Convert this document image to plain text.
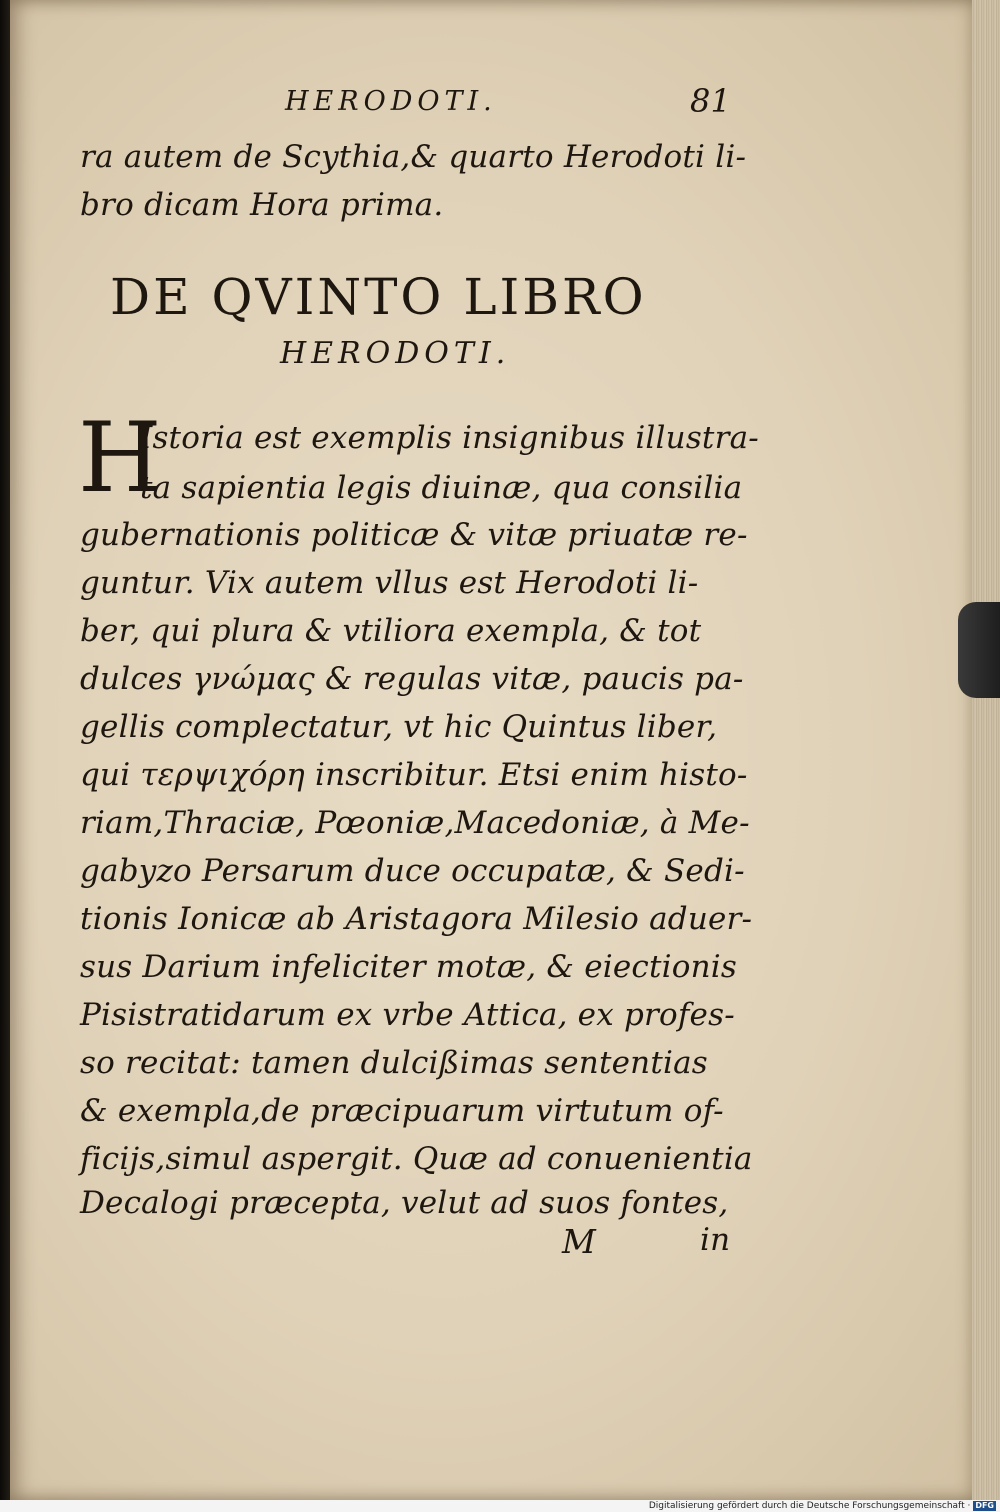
HERODOTI.	81
ra autem de Scythia,& quarto Herodoti li-
bro dicam Hora prima.
DE QVINTO LIBRO
HERODOTI.
H
Istoria est exemplis insignibus illustra-
ta sapientia legis diuinæ, qua consilia
gubernationis politicæ & vitæ priuatæ re-
guntur. Vix autem vllus est Herodoti li-
ber, qui plura & vtiliora exempla, & tot
dulces γνώμας & regulas vitæ, paucis pa-
gellis complectatur, vt hic Quintus liber,
qui τερψιχόρη inscribitur. Etsi enim histo-
riam,Thraciæ, Pœoniæ,Macedoniæ, à Me-
gabyzo Persarum duce occupatæ, & Sedi-
tionis Ionicæ ab Aristagora Milesio aduer-
sus Darium infeliciter motæ, & eiectionis
Pisistratidarum ex vrbe Attica, ex profes-
so recitat: tamen dulcißimas sententias
& exempla,de præcipuarum virtutum of-
ficijs,simul aspergit. Quæ ad conuenientia
Decalogi præcepta, velut ad suos fontes,
M	in
Digitalisierung gefördert durch die Deutsche Forschungsgemeinschaft · DFG
